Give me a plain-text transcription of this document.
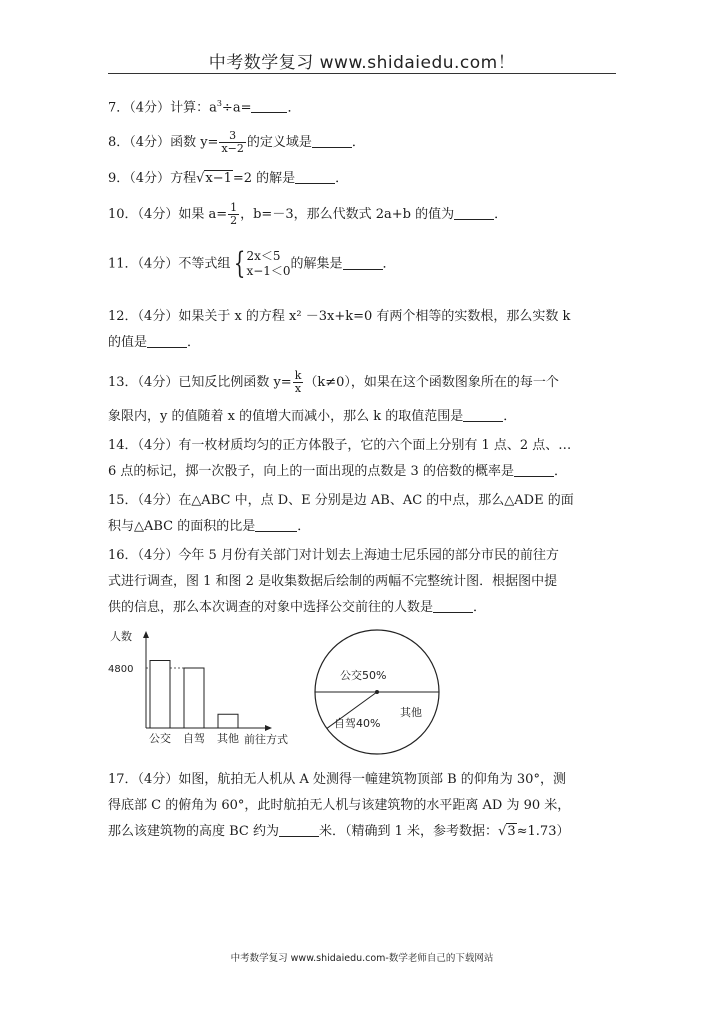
中考数学复习 www.shidaiedu.com！
7．（4分）计算：$a^3\div a=$	．
8．（4分）函数 $y= \frac{3}{x-2}$ 的定义域是	．
9．（4分）方程√x−1=2 的解是	．
10．（4分）如果 $a= \frac{1}{2}$ ，b=－3，那么代数式 2a+b 的值为	．
11．（4分）不等式组 { 2x＜5
x−1＜0 的解集是	．
12．（4分）如果关于 x 的方程 x² －3x+k=0 有两个相等的实数根，那么实数 k
的值是	．
13．（4分）已知反比例函数 $y= \frac{k}{x} (k\ne 0)$，如果在这个函数图象所在的每一个
象限内，y 的值随着 x 的值增大而减小，那么 k 的取值范围是	．
14．（4分）有一枚材质均匀的正方体骰子，它的六个面上分别有 1 点、2 点、…
6 点的标记，掷一次骰子，向上的一面出现的点数是 3 的倍数的概率是	．
15．（4分）在△ABC 中，点 D、E 分别是边 AB、AC 的中点，那么△ADE 的面
积与△ABC 的面积的比是	．
16．（4分）今年 5 月份有关部门对计划去上海迪士尼乐园的部分市民的前往方
式进行调查，图 1 和图 2 是收集数据后绘制的两幅不完整统计图．根据图中提
供的信息，那么本次调查的对象中选择公交前往的人数是	．
人数
4800
公交 自驾 其他 前往方式
公交50%
自驾40%
其他
17．（4分）如图，航拍无人机从 A 处测得一幢建筑物顶部 B 的仰角为 30°，测
得底部 C 的俯角为 60°，此时航拍无人机与该建筑物的水平距离 AD 为 90 米，
那么该建筑物的高度 BC 约为	米．（精确到 1 米，参考数据：√3≈1.73）
中考数学复习 www.shidaiedu.com-数学老师自己的下载网站
